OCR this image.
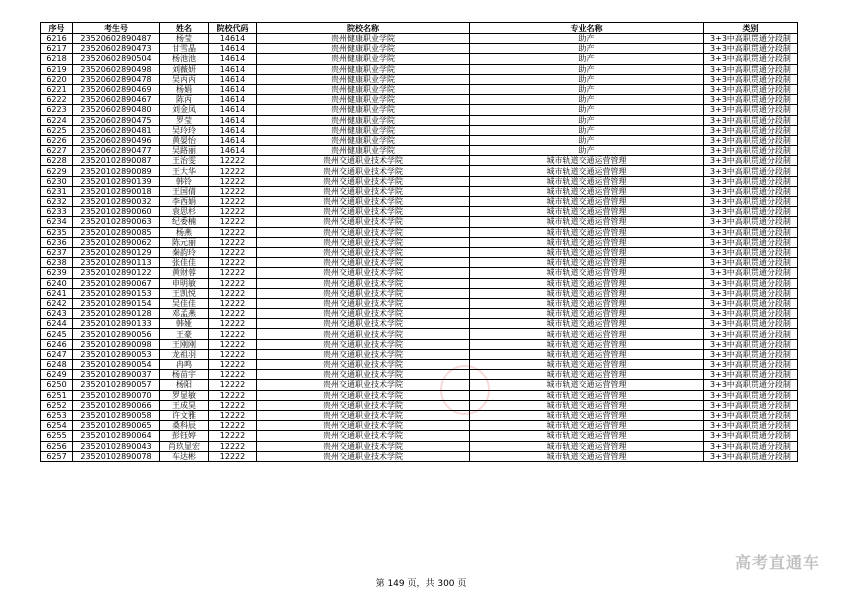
序号	考生号	姓名	院校代码	院校名称	专业名称	类别
6216	23520602890487	杨莹	14614	贵州健康职业学院	助产	3+3中高职贯通分段制
6217	23520602890473	甘雪晶	14614	贵州健康职业学院	助产	3+3中高职贯通分段制
6218	23520602890504	杨池池	14614	贵州健康职业学院	助产	3+3中高职贯通分段制
6219	23520602890498	刘薇妍	14614	贵州健康职业学院	助产	3+3中高职贯通分段制
6220	23520602890478	吴丙丙	14614	贵州健康职业学院	助产	3+3中高职贯通分段制
6221	23520602890469	杨娟	14614	贵州健康职业学院	助产	3+3中高职贯通分段制
6222	23520602890467	陈丙	14614	贵州健康职业学院	助产	3+3中高职贯通分段制
6223	23520602890480	刘金凤	14614	贵州健康职业学院	助产	3+3中高职贯通分段制
6224	23520602890475	罗莹	14614	贵州健康职业学院	助产	3+3中高职贯通分段制
6225	23520602890481	吴玲玲	14614	贵州健康职业学院	助产	3+3中高职贯通分段制
6226	23520602890496	黄晏怡	14614	贵州健康职业学院	助产	3+3中高职贯通分段制
6227	23520602890477	吴路丽	14614	贵州健康职业学院	助产	3+3中高职贯通分段制
6228	23520102890087	王治雯	12222	贵州交通职业技术学院	城市轨道交通运营管理	3+3中高职贯通分段制
6229	23520102890089	王大华	12222	贵州交通职业技术学院	城市轨道交通运营管理	3+3中高职贯通分段制
6230	23520102890139	韩铃	12222	贵州交通职业技术学院	城市轨道交通运营管理	3+3中高职贯通分段制
6231	23520102890018	王国倩	12222	贵州交通职业技术学院	城市轨道交通运营管理	3+3中高职贯通分段制
6232	23520102890032	李西娟	12222	贵州交通职业技术学院	城市轨道交通运营管理	3+3中高职贯通分段制
6233	23520102890060	袁思杉	12222	贵州交通职业技术学院	城市轨道交通运营管理	3+3中高职贯通分段制
6234	23520102890063	纪委楠	12222	贵州交通职业技术学院	城市轨道交通运营管理	3+3中高职贯通分段制
6235	23520102890085	杨燕	12222	贵州交通职业技术学院	城市轨道交通运营管理	3+3中高职贯通分段制
6236	23520102890062	陈元丽	12222	贵州交通职业技术学院	城市轨道交通运营管理	3+3中高职贯通分段制
6237	23520102890129	秦韵玲	12222	贵州交通职业技术学院	城市轨道交通运营管理	3+3中高职贯通分段制
6238	23520102890113	张佳佳	12222	贵州交通职业技术学院	城市轨道交通运营管理	3+3中高职贯通分段制
6239	23520102890122	黄财蓉	12222	贵州交通职业技术学院	城市轨道交通运营管理	3+3中高职贯通分段制
6240	23520102890067	申明敏	12222	贵州交通职业技术学院	城市轨道交通运营管理	3+3中高职贯通分段制
6241	23520102890153	王凯悦	12222	贵州交通职业技术学院	城市轨道交通运营管理	3+3中高职贯通分段制
6242	23520102890154	吴佳佳	12222	贵州交通职业技术学院	城市轨道交通运营管理	3+3中高职贯通分段制
6243	23520102890128	邓孟燕	12222	贵州交通职业技术学院	城市轨道交通运营管理	3+3中高职贯通分段制
6244	23520102890133	韩娅	12222	贵州交通职业技术学院	城市轨道交通运营管理	3+3中高职贯通分段制
6245	23520102890056	王豪	12222	贵州交通职业技术学院	城市轨道交通运营管理	3+3中高职贯通分段制
6246	23520102890098	王刚刚	12222	贵州交通职业技术学院	城市轨道交通运营管理	3+3中高职贯通分段制
6247	23520102890053	龙祖羽	12222	贵州交通职业技术学院	城市轨道交通运营管理	3+3中高职贯通分段制
6248	23520102890054	冉鸣	12222	贵州交通职业技术学院	城市轨道交通运营管理	3+3中高职贯通分段制
6249	23520102890037	杨苗宇	12222	贵州交通职业技术学院	城市轨道交通运营管理	3+3中高职贯通分段制
6250	23520102890057	杨阳	12222	贵州交通职业技术学院	城市轨道交通运营管理	3+3中高职贯通分段制
6251	23520102890070	罗显敏	12222	贵州交通职业技术学院	城市轨道交通运营管理	3+3中高职贯通分段制
6252	23520102890066	王成昊	12222	贵州交通职业技术学院	城市轨道交通运营管理	3+3中高职贯通分段制
6253	23520102890058	许文雅	12222	贵州交通职业技术学院	城市轨道交通运营管理	3+3中高职贯通分段制
6254	23520102890065	桑科辰	12222	贵州交通职业技术学院	城市轨道交通运营管理	3+3中高职贯通分段制
6255	23520102890064	彭钰婷	12222	贵州交通职业技术学院	城市轨道交通运营管理	3+3中高职贯通分段制
6256	23520102890043	肖玖显宏	12222	贵州交通职业技术学院	城市轨道交通运营管理	3+3中高职贯通分段制
6257	23520102890078	车达彬	12222	贵州交通职业技术学院	城市轨道交通运营管理	3+3中高职贯通分段制
第 149 页，共 300 页
高考直通车
